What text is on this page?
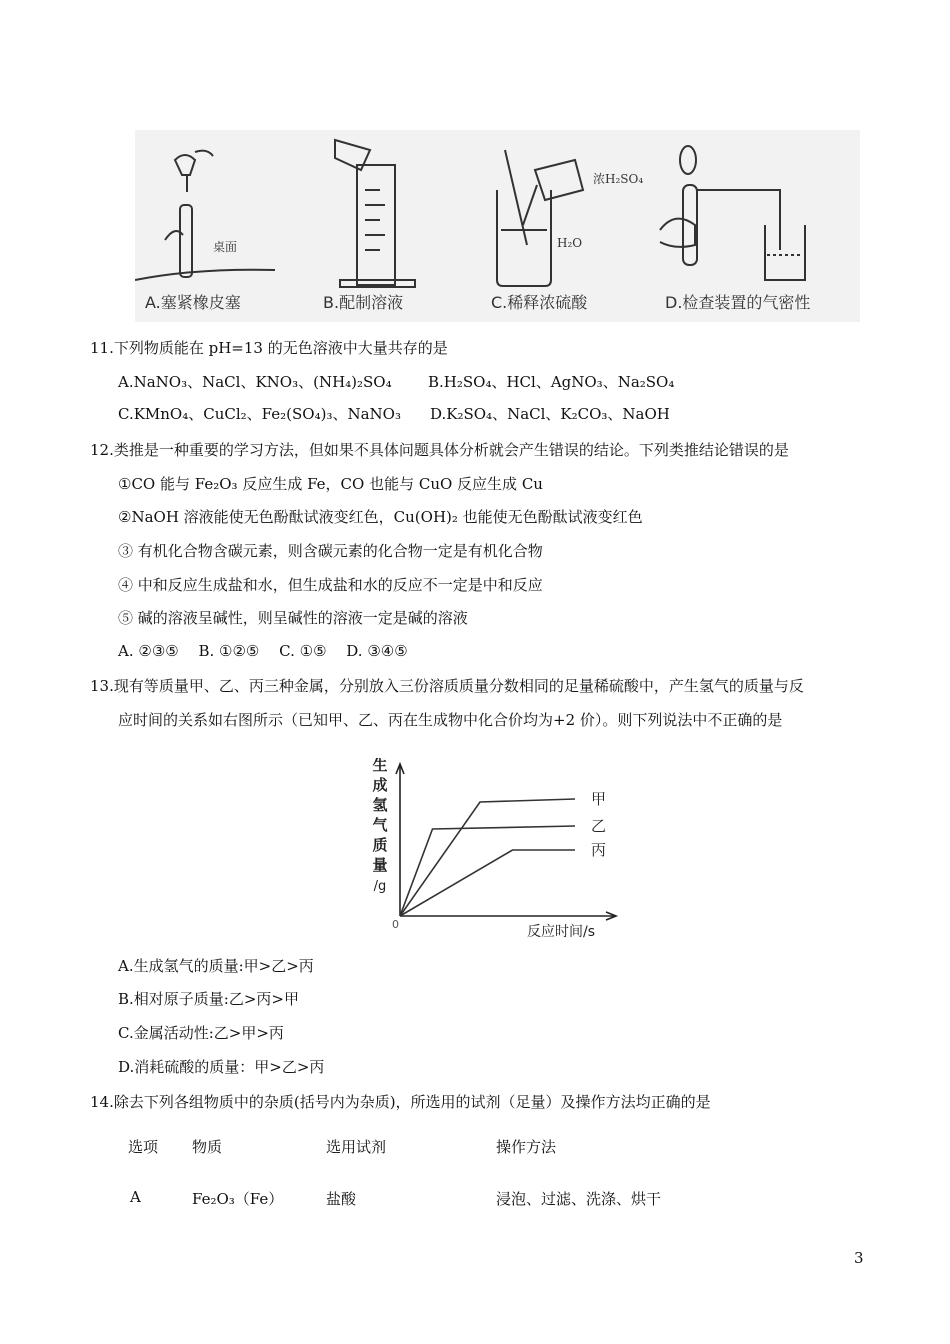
A.塞紧橡皮塞	B.配制溶液	C.稀释浓硫酸	D.检查装置的气密性
桌面
浓H₂SO₄
H₂O
11.下列物质能在 pH=13 的无色溶液中大量共存的是
A.NaNO₃、NaCl、KNO₃、(NH₄)₂SO₄ B.H₂SO₄、HCl、AgNO₃、Na₂SO₄
C.KMnO₄、CuCl₂、Fe₂(SO₄)₃、NaNO₃ D.K₂SO₄、NaCl、K₂CO₃、NaOH
12.类推是一种重要的学习方法，但如果不具体问题具体分析就会产生错误的结论。下列类推结论错误的是
①CO 能与 Fe₂O₃ 反应生成 Fe，CO 也能与 CuO 反应生成 Cu
②NaOH 溶液能使无色酚酞试液变红色，Cu(OH)₂ 也能使无色酚酞试液变红色
③ 有机化合物含碳元素，则含碳元素的化合物一定是有机化合物
④ 中和反应生成盐和水，但生成盐和水的反应不一定是中和反应
⑤ 碱的溶液呈碱性，则呈碱性的溶液一定是碱的溶液
A. ②③⑤　 B. ①②⑤　 C. ①⑤　 D. ③④⑤
13.现有等质量甲、乙、丙三种金属，分别放入三份溶质质量分数相同的足量稀硫酸中，产生氢气的质量与反
应时间的关系如右图所示（已知甲、乙、丙在生成物中化合价均为+2 价）。则下列说法中不正确的是
生
成
氢
气
质
量
/g
0	反应时间/s
甲
乙
丙
A.生成氢气的质量:甲>乙>丙
B.相对原子质量:乙>丙>甲
C.金属活动性:乙>甲>丙
D.消耗硫酸的质量：甲>乙>丙
14.除去下列各组物质中的杂质(括号内为杂质)，所选用的试剂（足量）及操作方法均正确的是
选项 物质	选用试剂	操作方法
A	Fe₂O₃（Fe）	盐酸	浸泡、过滤、洗涤、烘干
3
